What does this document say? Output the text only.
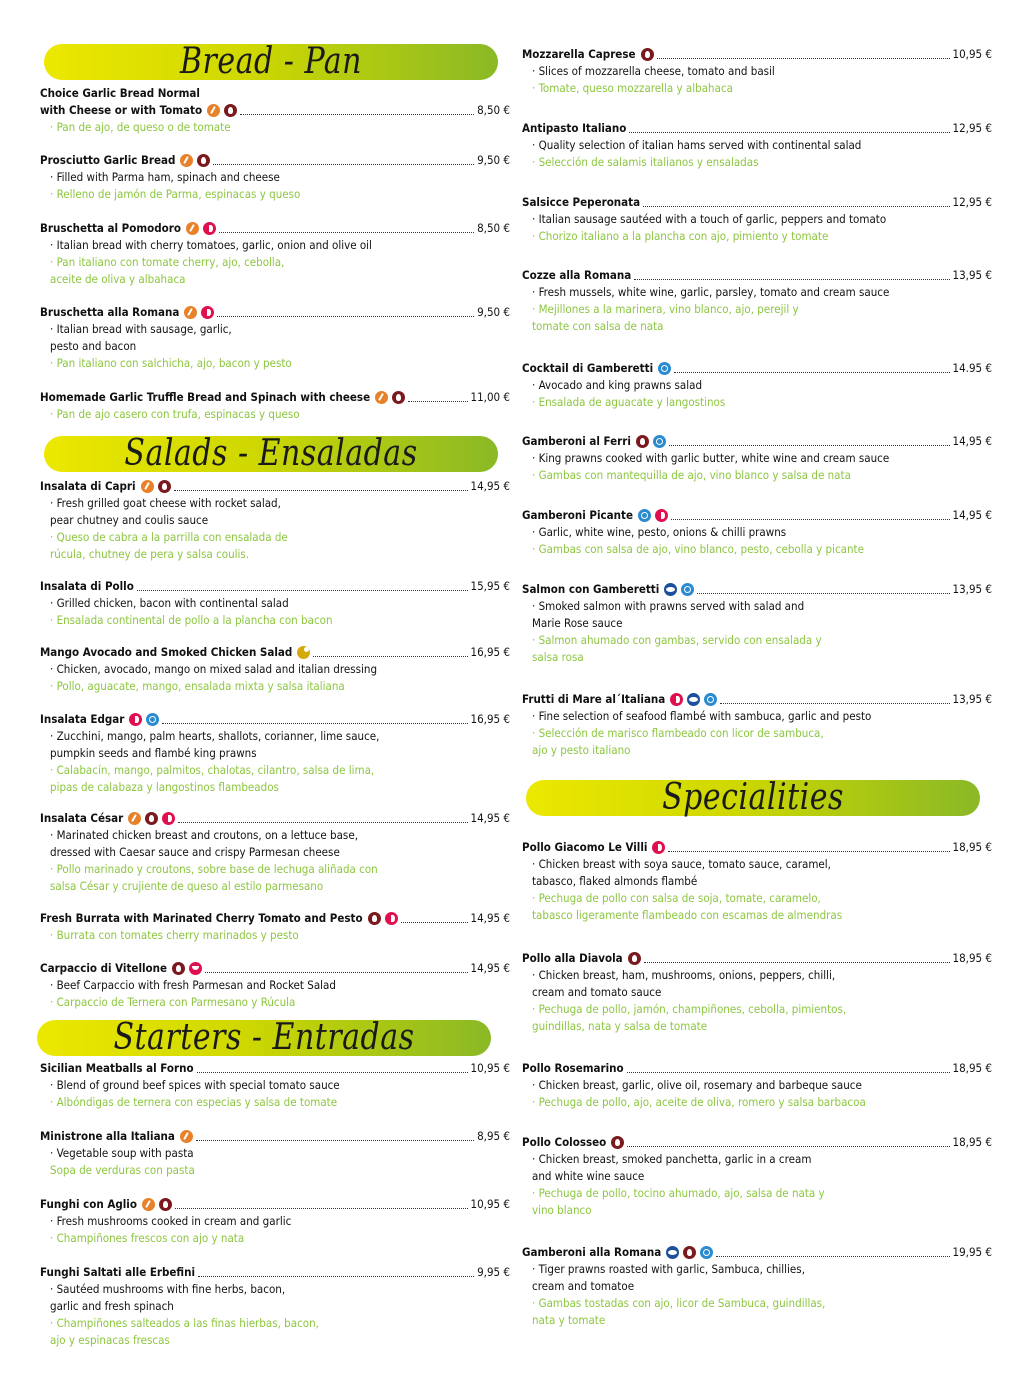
Bread - Pan
Choice Garlic Bread Normal
with Cheese or with Tomato	8,50 €
· Pan de ajo, de queso o de tomate
Prosciutto Garlic Bread	9,50 €
· Filled with Parma ham, spinach and cheese
· Relleno de jamón de Parma, espinacas y queso
Bruschetta al Pomodoro	8,50 €
· Italian bread with cherry tomatoes, garlic, onion and olive oil
· Pan italiano con tomate cherry, ajo, cebolla,
aceite de oliva y albahaca
Bruschetta alla Romana	9,50 €
· Italian bread with sausage, garlic,
pesto and bacon
· Pan italiano con salchicha, ajo, bacon y pesto
Homemade Garlic Truffle Bread and Spinach with cheese	11,00 €
· Pan de ajo casero con trufa, espinacas y queso
Salads - Ensaladas
Insalata di Capri	14,95 €
· Fresh grilled goat cheese with rocket salad,
pear chutney and coulis sauce
· Queso de cabra a la parrilla con ensalada de
rúcula, chutney de pera y salsa coulis.
Insalata di Pollo	15,95 €
· Grilled chicken, bacon with continental salad
· Ensalada continental de pollo a la plancha con bacon
Mango Avocado and Smoked Chicken Salad	16,95 €
· Chicken, avocado, mango on mixed salad and italian dressing
· Pollo, aguacate, mango, ensalada mixta y salsa italiana
Insalata Edgar	16,95 €
· Zucchini, mango, palm hearts, shallots, corianner, lime sauce,
pumpkin seeds and flambé king prawns
· Calabacín, mango, palmitos, chalotas, cilantro, salsa de lima,
pipas de calabaza y langostinos flambeados
Insalata César	14,95 €
· Marinated chicken breast and croutons, on a lettuce base,
dressed with Caesar sauce and crispy Parmesan cheese
· Pollo marinado y croutons, sobre base de lechuga aliñada con
salsa César y crujiente de queso al estilo parmesano
Fresh Burrata with Marinated Cherry Tomato and Pesto	14,95 €
· Burrata con tomates cherry marinados y pesto
Carpaccio di Vitellone	14,95 €
· Beef Carpaccio with fresh Parmesan and Rocket Salad
· Carpaccio de Ternera con Parmesano y Rúcula
Starters - Entradas
Sicilian Meatballs al Forno	10,95 €
· Blend of ground beef spices with special tomato sauce
· Albóndigas de ternera con especias y salsa de tomate
Ministrone alla Italiana	8,95 €
· Vegetable soup with pasta
Sopa de verduras con pasta
Funghi con Aglio	10,95 €
· Fresh mushrooms cooked in cream and garlic
· Champiñones frescos con ajo y nata
Funghi Saltati alle Erbefini	9,95 €
· Sautéed mushrooms with fine herbs, bacon,
garlic and fresh spinach
· Champiñones salteados a las finas hierbas, bacon,
ajo y espinacas frescas
Mozzarella Caprese	10,95 €
· Slices of mozzarella cheese, tomato and basil
· Tomate, queso mozzarella y albahaca
Antipasto Italiano	12,95 €
· Quality selection of italian hams served with continental salad
· Selección de salamis italianos y ensaladas
Salsicce Peperonata	12,95 €
· Italian sausage sautéed with a touch of garlic, peppers and tomato
· Chorizo italiano a la plancha con ajo, pimiento y tomate
Cozze alla Romana	13,95 €
· Fresh mussels, white wine, garlic, parsley, tomato and cream sauce
· Mejillones a la marinera, vino blanco, ajo, perejil y
tomate con salsa de nata
Cocktail di Gamberetti	14.95 €
· Avocado and king prawns salad
· Ensalada de aguacate y langostinos
Gamberoni al Ferri	14,95 €
· King prawns cooked with garlic butter, white wine and cream sauce
· Gambas con mantequilla de ajo, vino blanco y salsa de nata
Gamberoni Picante	14,95 €
· Garlic, white wine, pesto, onions & chilli prawns
· Gambas con salsa de ajo, vino blanco, pesto, cebolla y picante
Salmon con Gamberetti	13,95 €
· Smoked salmon with prawns served with salad and
Marie Rose sauce
· Salmon ahumado con gambas, servido con ensalada y
salsa rosa
Frutti di Mare al´Italiana	13,95 €
· Fine selection of seafood flambé with sambuca, garlic and pesto
· Selección de marisco flambeado con licor de sambuca,
ajo y pesto italiano
Specialities
Pollo Giacomo Le Villi	18,95 €
· Chicken breast with soya sauce, tomato sauce, caramel,
tabasco, flaked almonds flambé
· Pechuga de pollo con salsa de soja, tomate, caramelo,
tabasco ligeramente flambeado con escamas de almendras
Pollo alla Diavola	18,95 €
· Chicken breast, ham, mushrooms, onions, peppers, chilli,
cream and tomato sauce
· Pechuga de pollo, jamón, champiñones, cebolla, pimientos,
guindillas, nata y salsa de tomate
Pollo Rosemarino	18,95 €
· Chicken breast, garlic, olive oil, rosemary and barbeque sauce
· Pechuga de pollo, ajo, aceite de oliva, romero y salsa barbacoa
Pollo Colosseo	18,95 €
· Chicken breast, smoked panchetta, garlic in a cream
and white wine sauce
· Pechuga de pollo, tocino ahumado, ajo, salsa de nata y
vino blanco
Gamberoni alla Romana	19,95 €
· Tiger prawns roasted with garlic, Sambuca, chillies,
cream and tomatoe
· Gambas tostadas con ajo, licor de Sambuca, guindillas,
nata y tomate
